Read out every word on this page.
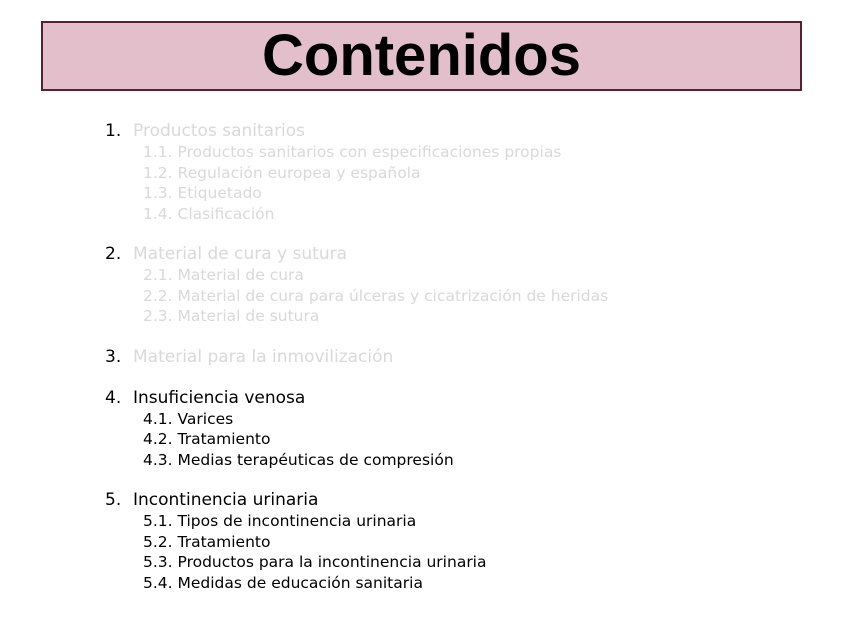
Contenidos
1. Productos sanitarios
1.1. Productos sanitarios con especificaciones propias
1.2. Regulación europea y española
1.3. Etiquetado
1.4. Clasificación
2. Material de cura y sutura
2.1. Material de cura
2.2. Material de cura para úlceras y cicatrización de heridas
2.3. Material de sutura
3. Material para la inmovilización
4. Insuficiencia venosa
4.1. Varices
4.2. Tratamiento
4.3. Medias terapéuticas de compresión
5. Incontinencia urinaria
5.1. Tipos de incontinencia urinaria
5.2. Tratamiento
5.3. Productos para la incontinencia urinaria
5.4. Medidas de educación sanitaria
